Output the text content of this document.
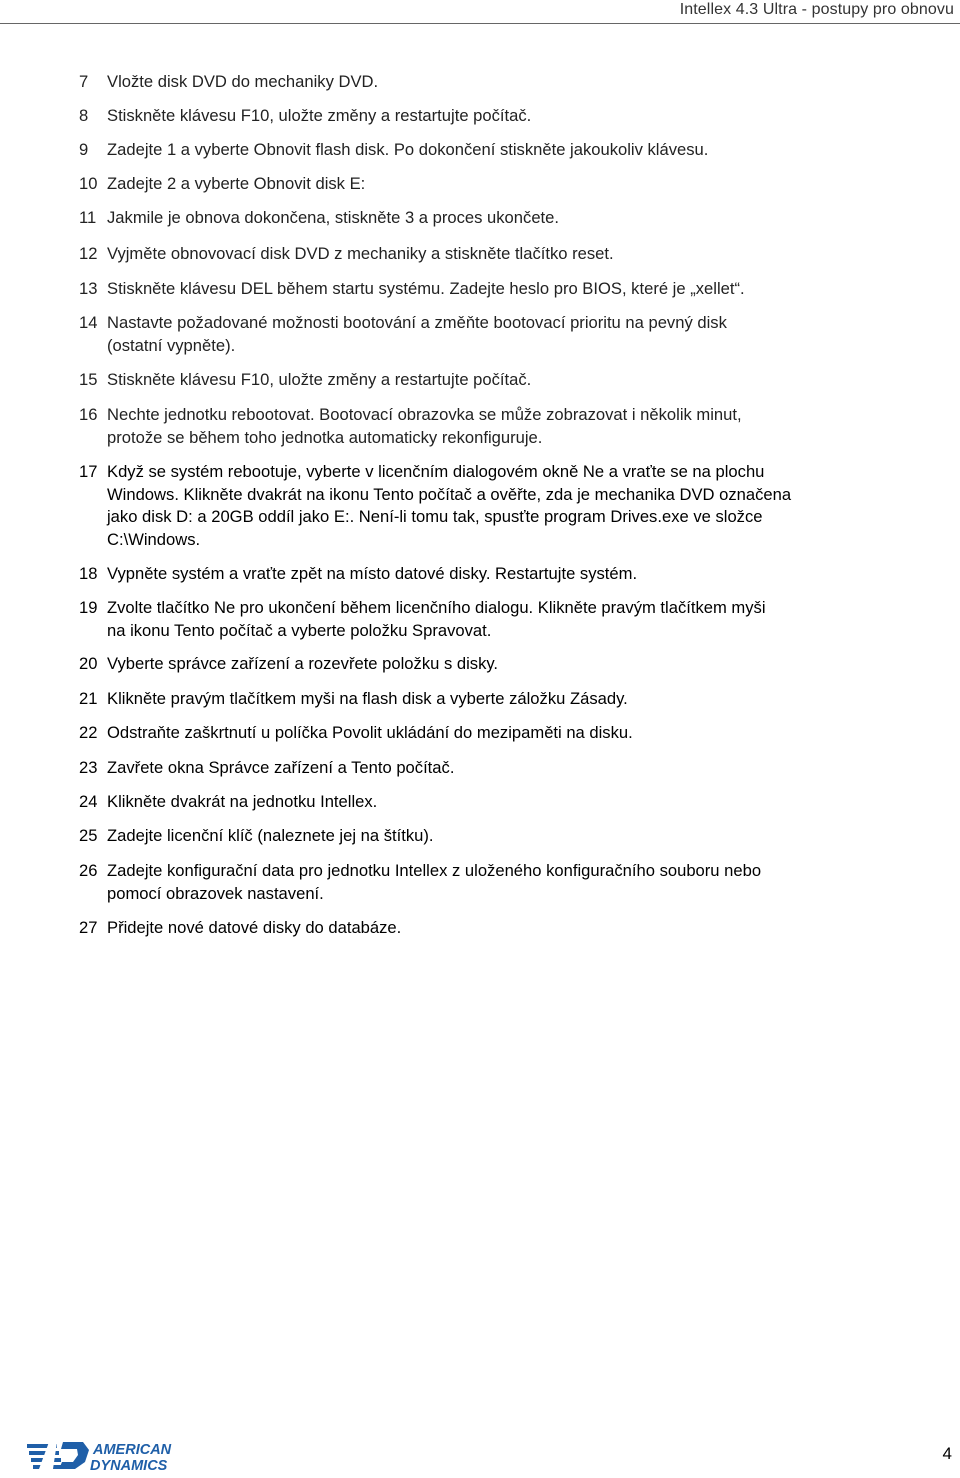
Intellex 4.3 Ultra - postupy pro obnovu
7	Vložte disk DVD do mechaniky DVD.
8	Stiskněte klávesu F10, uložte změny a restartujte počítač.
9	Zadejte 1 a vyberte Obnovit flash disk. Po dokončení stiskněte jakoukoliv klávesu.
10 Zadejte 2 a vyberte Obnovit disk E:
11 Jakmile je obnova dokončena, stiskněte 3 a proces ukončete.
12 Vyjměte obnovovací disk DVD z mechaniky a stiskněte tlačítko reset.
13 Stiskněte klávesu DEL během startu systému. Zadejte heslo pro BIOS, které je „xellet“.
14 Nastavte požadované možnosti bootování a změňte bootovací prioritu na pevný disk
(ostatní vypněte).
15 Stiskněte klávesu F10, uložte změny a restartujte počítač.
16 Nechte jednotku rebootovat. Bootovací obrazovka se může zobrazovat i několik minut,
protože se během toho jednotka automaticky rekonfiguruje.
17 Když se systém rebootuje, vyberte v licenčním dialogovém okně Ne a vraťte se na plochu
Windows. Klikněte dvakrát na ikonu Tento počítač a ověřte, zda je mechanika DVD označena
jako disk D: a 20GB oddíl jako E:. Není-li tomu tak, spusťte program Drives.exe ve složce
C:\Windows.
18 Vypněte systém a vraťte zpět na místo datové disky. Restartujte systém.
19 Zvolte tlačítko Ne pro ukončení během licenčního dialogu. Klikněte pravým tlačítkem myši
na ikonu Tento počítač a vyberte položku Spravovat.
20 Vyberte správce zařízení a rozevřete položku s disky.
21 Klikněte pravým tlačítkem myši na flash disk a vyberte záložku Zásady.
22 Odstraňte zaškrtnutí u políčka Povolit ukládání do mezipaměti na disku.
23 Zavřete okna Správce zařízení a Tento počítač.
24 Klikněte dvakrát na jednotku Intellex.
25 Zadejte licenční klíč (naleznete jej na štítku).
26 Zadejte konfigurační data pro jednotku Intellex z uloženého konfiguračního souboru nebo
pomocí obrazovek nastavení.
27 Přidejte nové datové disky do databáze.
AMERICAN
DYNAMICS
4
